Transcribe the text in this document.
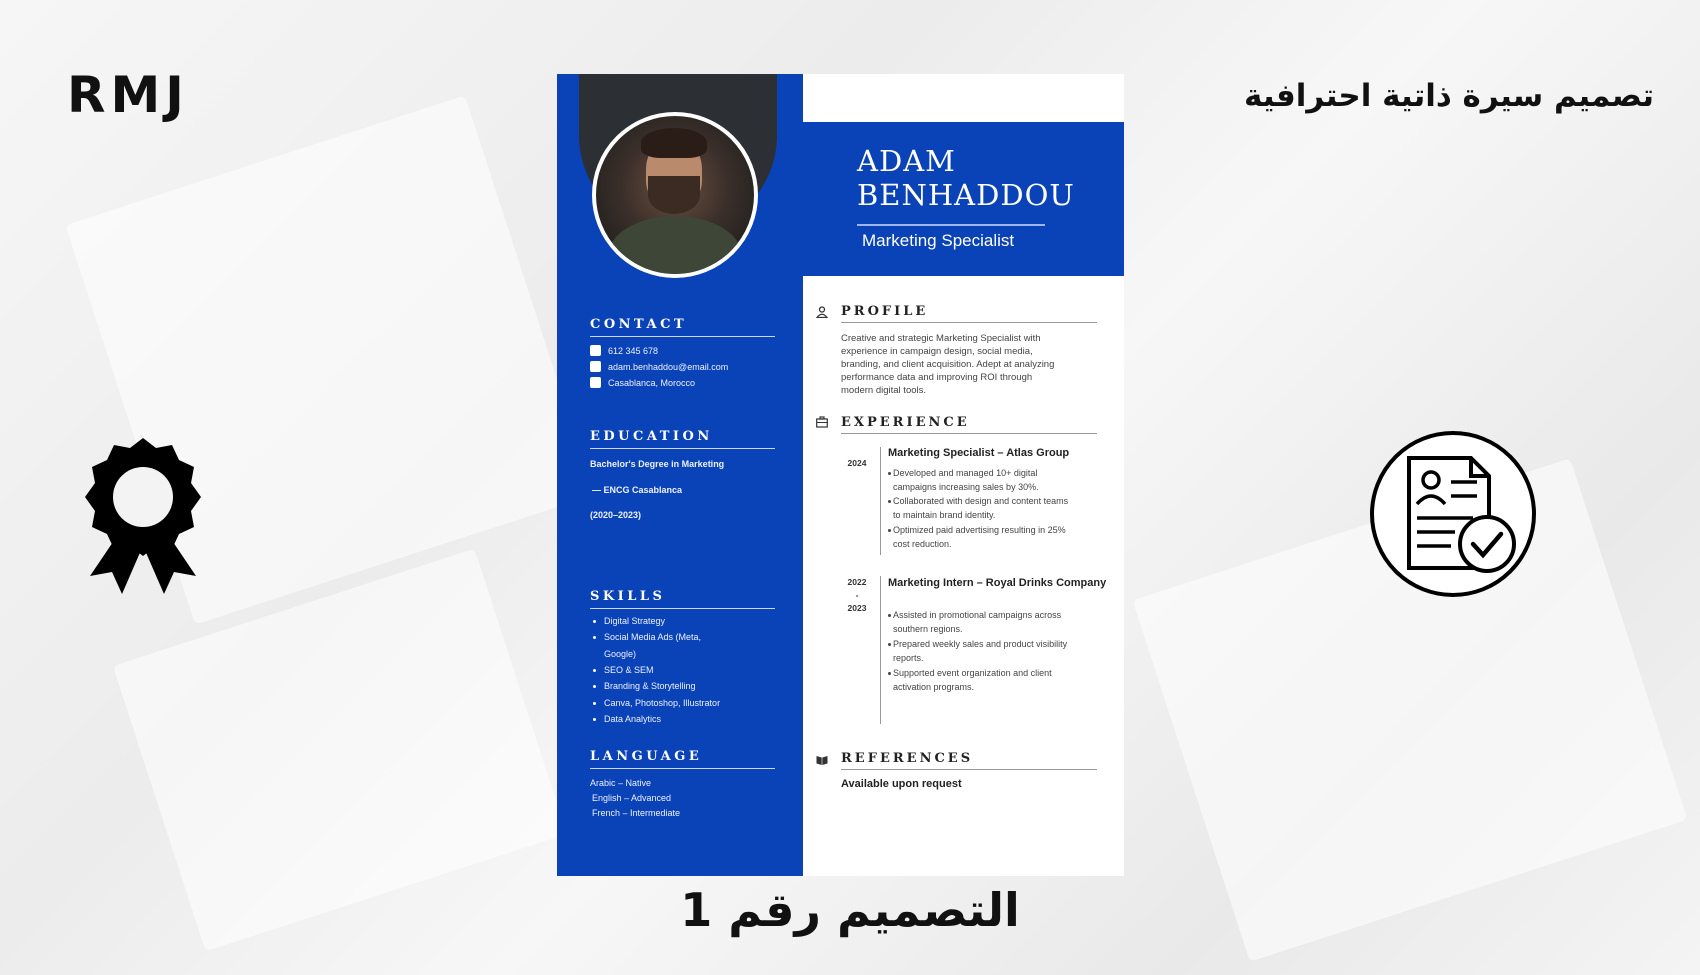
RMJ	تصميم سيرة ذاتية احترافية
CONTACT
612 345 678
adam.benhaddou@email.com
Casablanca, Morocco
EDUCATION
Bachelor's Degree in Marketing
— ENCG Casablanca
(2020–2023)
SKILLS
Digital Strategy
Social Media Ads (Meta,
Google)
SEO & SEM
Branding & Storytelling
Canva, Photoshop, Illustrator
Data Analytics
LANGUAGE
Arabic – Native
English – Advanced
French – Intermediate
ADAM
BENHADDOU
Marketing Specialist
PROFILE
Creative and strategic Marketing Specialist with
experience in campaign design, social media,
branding, and client acquisition. Adept at analyzing
performance data and improving ROI through
modern digital tools.
EXPERIENCE
2024
Marketing Specialist – Atlas Group
Developed and managed 10+ digital
campaigns increasing sales by 30%.
Collaborated with design and content teams
to maintain brand identity.
Optimized paid advertising resulting in 25%
cost reduction.
2022
-
2023
Marketing Intern – Royal Drinks Company
Assisted in promotional campaigns across
southern regions.
Prepared weekly sales and product visibility
reports.
Supported event organization and client
activation programs.
REFERENCES
Available upon request
التصميم رقم 1
